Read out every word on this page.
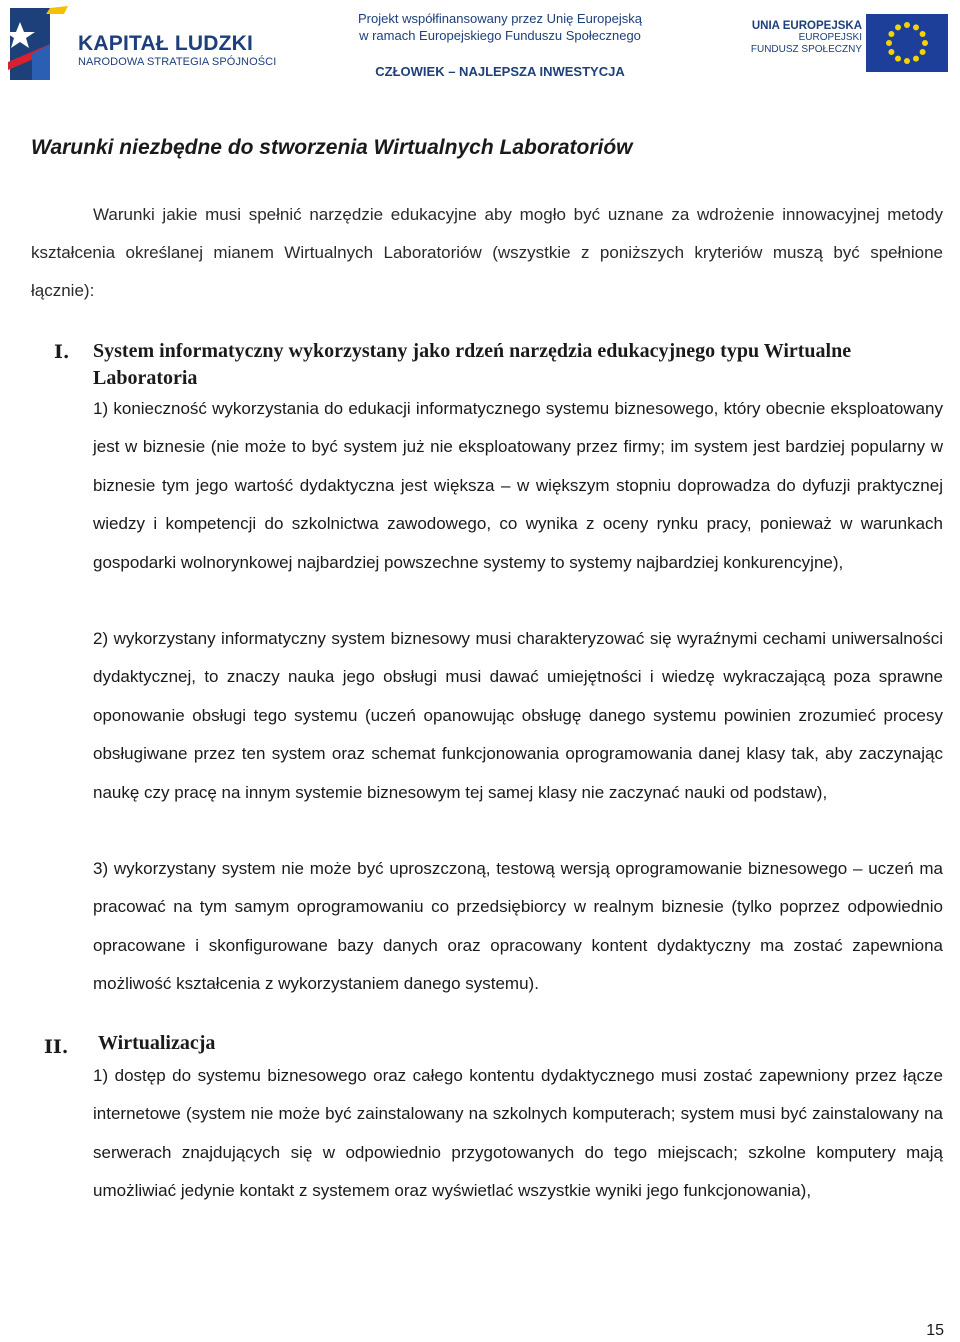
KAPITAŁ LUDZKI
NARODOWA STRATEGIA SPÓJNOŚCI
Projekt współfinansowany przez Unię Europejską
w ramach Europejskiego Funduszu Społecznego
CZŁOWIEK – NAJLEPSZA INWESTYCJA
UNIA EUROPEJSKA
EUROPEJSKI
FUNDUSZ SPOŁECZNY
Warunki niezbędne do stworzenia Wirtualnych Laboratoriów
Warunki jakie musi spełnić narzędzie edukacyjne aby mogło być uznane za wdrożenie innowacyjnej metody kształcenia określanej mianem Wirtualnych Laboratoriów (wszystkie z poniższych kryteriów muszą być spełnione łącznie):
I. System informatyczny wykorzystany jako rdzeń narzędzia edukacyjnego typu Wirtualne Laboratoria
1) konieczność wykorzystania do edukacji informatycznego systemu biznesowego, który obecnie eksploatowany jest w biznesie (nie może to być system już nie eksploatowany przez firmy; im system jest bardziej popularny w biznesie tym jego wartość dydaktyczna jest większa – w większym stopniu doprowadza do dyfuzji praktycznej wiedzy i kompetencji do szkolnictwa zawodowego, co wynika z oceny rynku pracy, ponieważ w warunkach gospodarki wolnorynkowej najbardziej powszechne systemy to systemy najbardziej konkurencyjne),
2) wykorzystany informatyczny system biznesowy musi charakteryzować się wyraźnymi cechami uniwersalności dydaktycznej, to znaczy nauka jego obsługi musi dawać umiejętności i wiedzę wykraczającą poza sprawne oponowanie obsługi tego systemu (uczeń opanowując obsługę danego systemu powinien zrozumieć procesy obsługiwane przez ten system oraz schemat funkcjonowania oprogramowania danej klasy tak, aby zaczynając naukę czy pracę na innym systemie biznesowym tej samej klasy nie zaczynać nauki od podstaw),
3) wykorzystany system nie może być uproszczoną, testową wersją oprogramowanie biznesowego – uczeń ma pracować na tym samym oprogramowaniu co przedsiębiorcy w realnym biznesie (tylko poprzez odpowiednio opracowane i skonfigurowane bazy danych oraz opracowany kontent dydaktyczny ma zostać zapewniona możliwość kształcenia z wykorzystaniem danego systemu).
II. Wirtualizacja
1) dostęp do systemu biznesowego oraz całego kontentu dydaktycznego musi zostać zapewniony przez łącze internetowe (system nie może być zainstalowany na szkolnych komputerach; system musi być zainstalowany na serwerach znajdujących się w odpowiednio przygotowanych do tego miejscach; szkolne komputery mają umożliwiać jedynie kontakt z systemem oraz wyświetlać wszystkie wyniki jego funkcjonowania),
15
